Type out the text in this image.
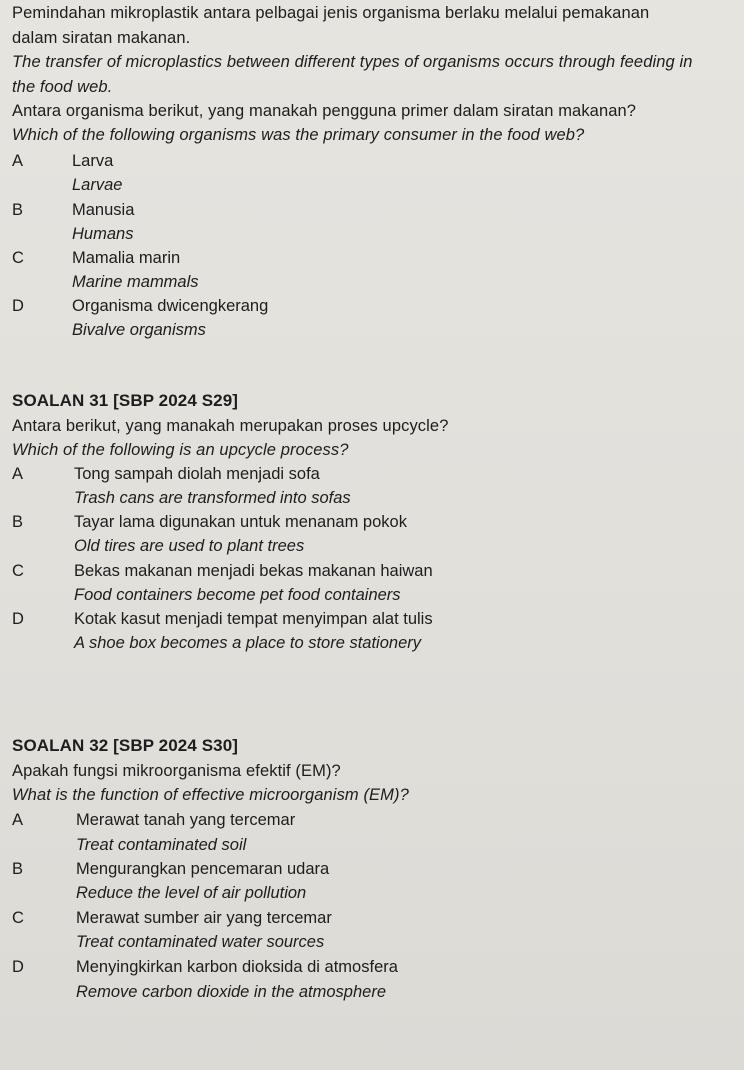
Pemindahan mikroplastik antara pelbagai jenis organisma berlaku melalui pemakanan
dalam siratan makanan.
The transfer of microplastics between different types of organisms occurs through feeding in
the food web.
Antara organisma berikut, yang manakah pengguna primer dalam siratan makanan?
Which of the following organisms was the primary consumer in the food web?
A	Larva
Larvae
B	Manusia
Humans
C	Mamalia marin
Marine mammals
D	Organisma dwicengkerang
Bivalve organisms
SOALAN 31 [SBP 2024 S29]
Antara berikut, yang manakah merupakan proses upcycle?
Which of the following is an upcycle process?
A	Tong sampah diolah menjadi sofa
Trash cans are transformed into sofas
B	Tayar lama digunakan untuk menanam pokok
Old tires are used to plant trees
C	Bekas makanan menjadi bekas makanan haiwan
Food containers become pet food containers
D	Kotak kasut menjadi tempat menyimpan alat tulis
A shoe box becomes a place to store stationery
SOALAN 32 [SBP 2024 S30]
Apakah fungsi mikroorganisma efektif (EM)?
What is the function of effective microorganism (EM)?
A	Merawat tanah yang tercemar
Treat contaminated soil
B	Mengurangkan pencemaran udara
Reduce the level of air pollution
C	Merawat sumber air yang tercemar
Treat contaminated water sources
D	Menyingkirkan karbon dioksida di atmosfera
Remove carbon dioxide in the atmosphere
